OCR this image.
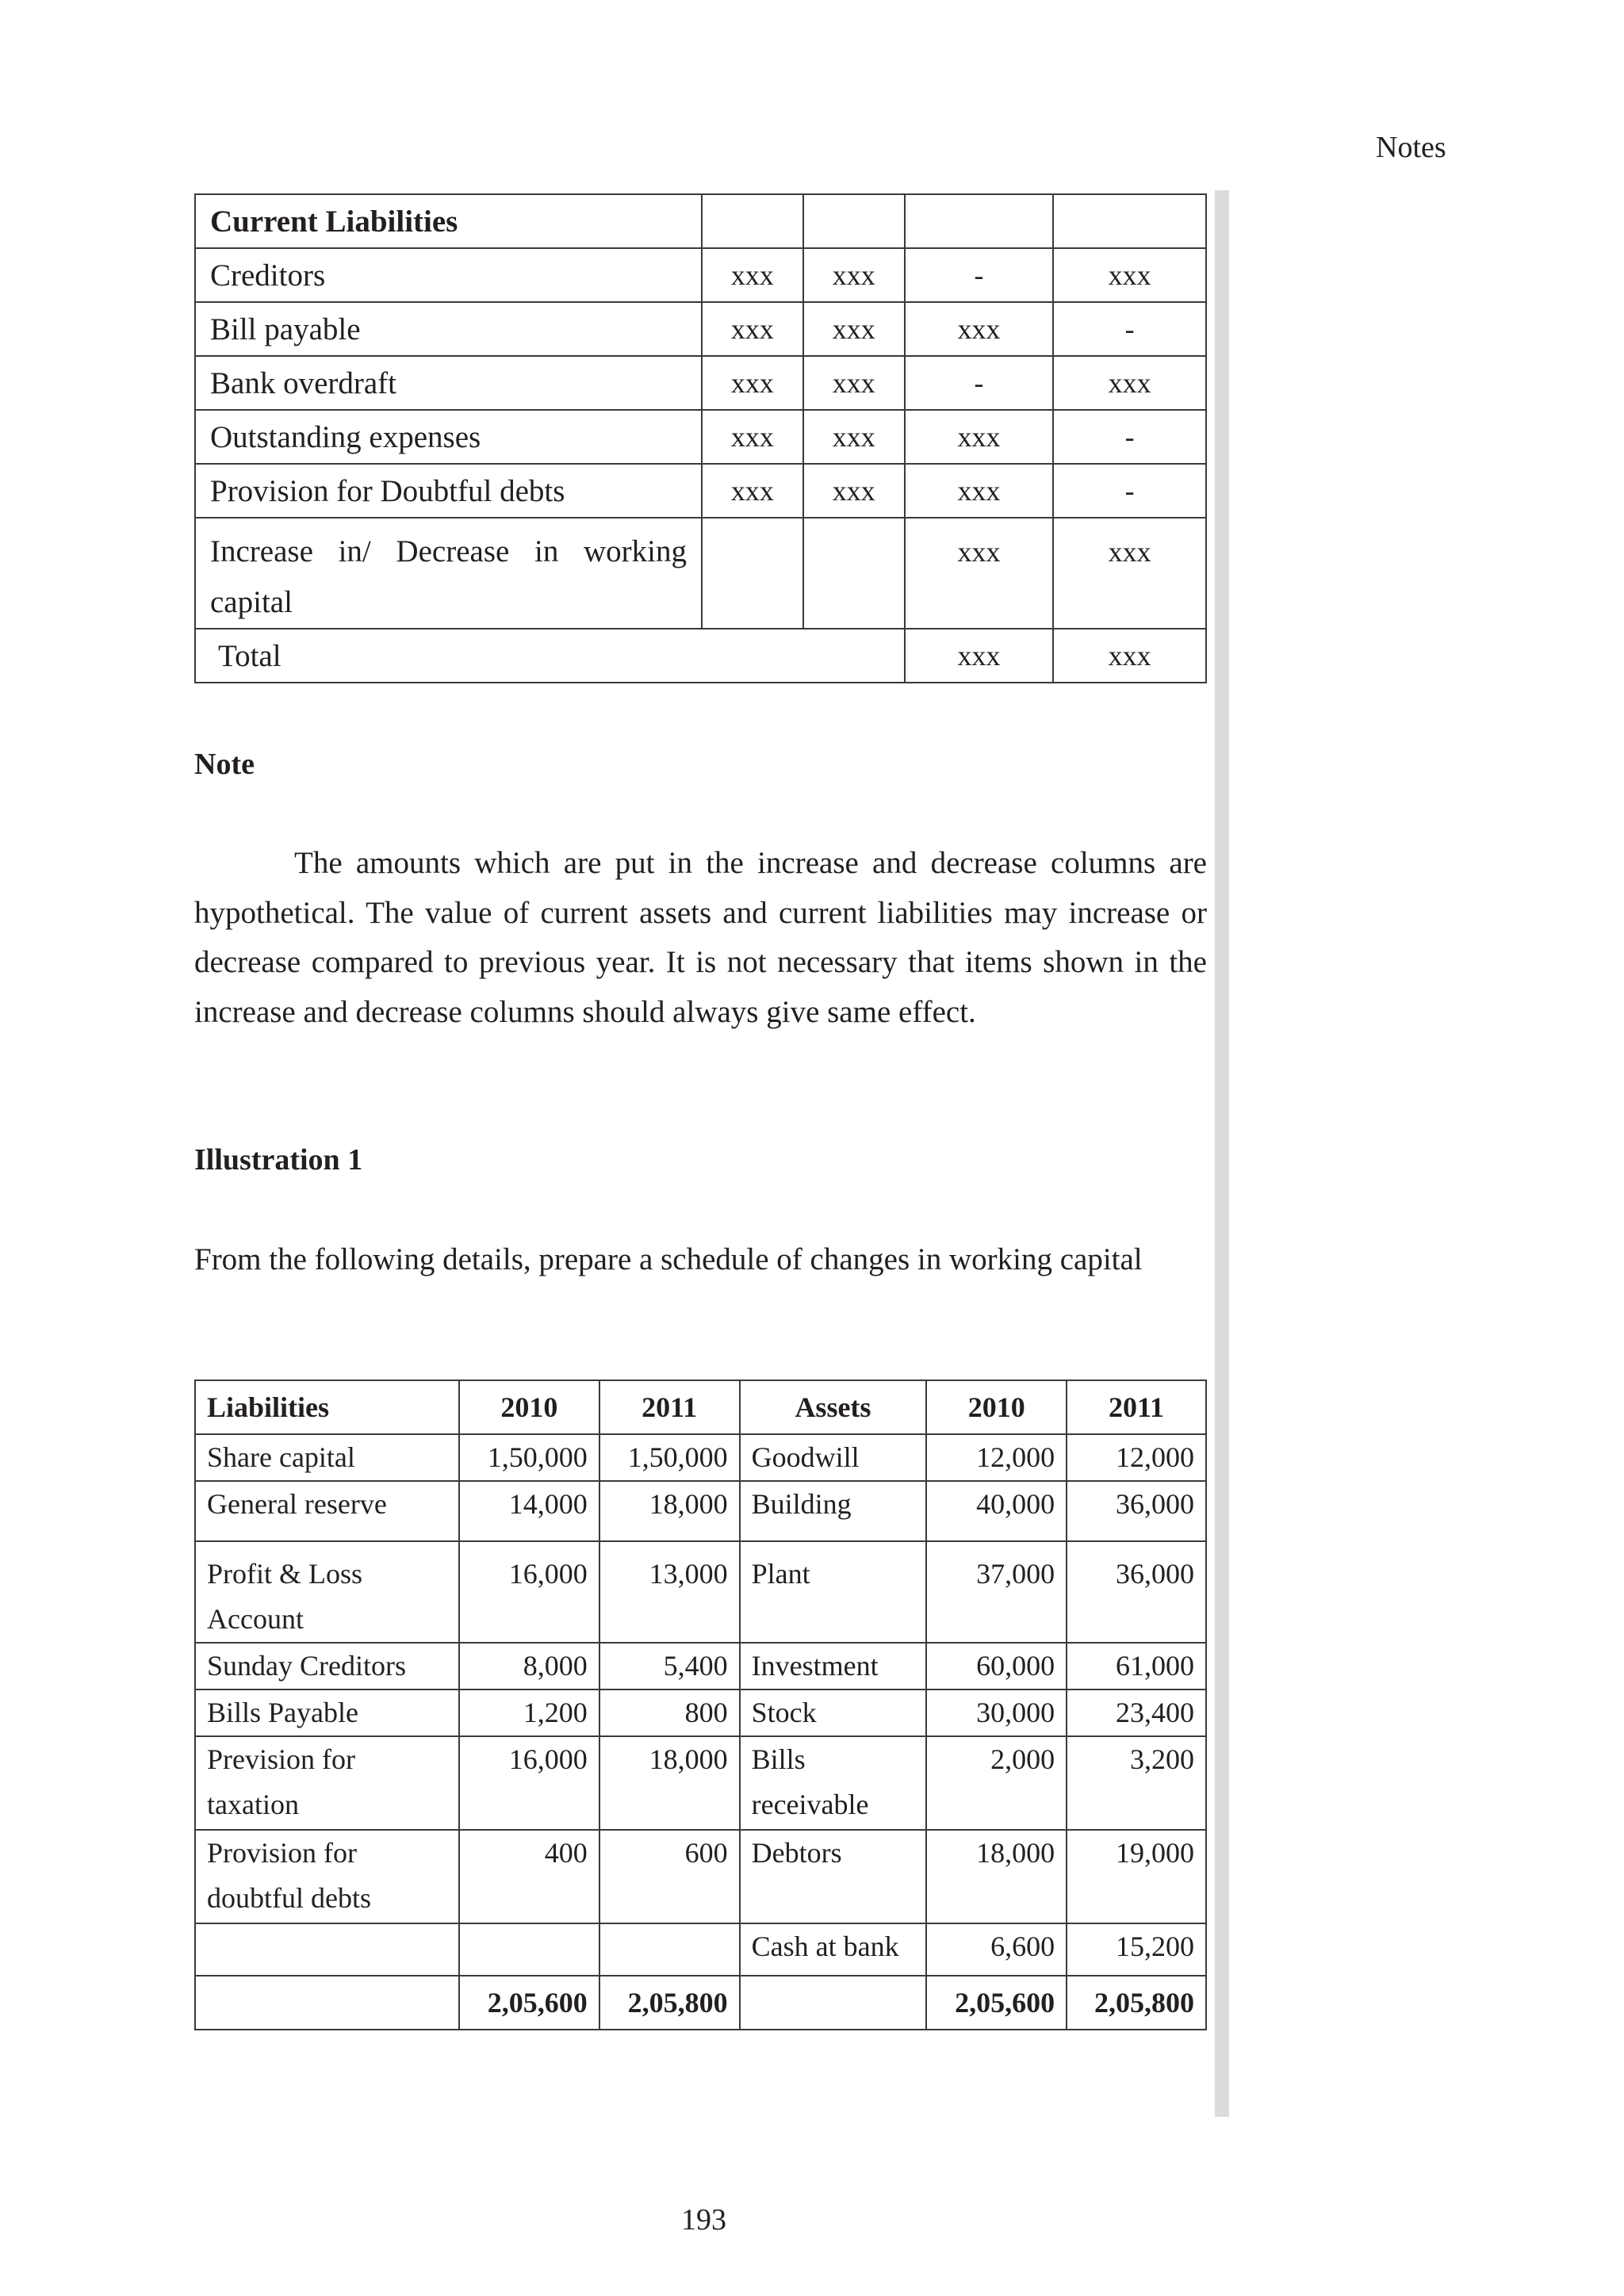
Notes
Current Liabilities				
Creditors	xxx	xxx	-	xxx
Bill payable	xxx	xxx	xxx	-
Bank overdraft	xxx	xxx	-	xxx
Outstanding expenses	xxx	xxx	xxx	-
Provision for Doubtful debts	xxx	xxx	xxx	-

Increase in/ Decrease in working
capital			xxx	xxx
Total			xxx	xxx
Note

The amounts which are put in the increase and decrease columns are hypothetical. The value of current assets and current liabilities may increase or decrease compared to previous year. It is not necessary that items shown in the increase and decrease columns should always give same effect.

Illustration 1

From the following details, prepare a schedule of changes in working capital

Liabilities	2010	2011	Assets	2010	2011
Share capital	1,50,000	1,50,000	Goodwill	12,000	12,000
General reserve	14,000	18,000	Building	40,000	36,000
Profit & Loss Account	16,000	13,000	Plant	37,000	36,000
Sunday Creditors	8,000	5,400	Investment	60,000	61,000
Bills Payable	1,200	800	Stock	30,000	23,400
Prevision for taxation	16,000	18,000	Bills receivable	2,000	3,200
Provision for doubtful debts	400	600	Debtors	18,000	19,000
			Cash at bank	6,600	15,200
	2,05,600	2,05,800		2,05,600	2,05,800
193
